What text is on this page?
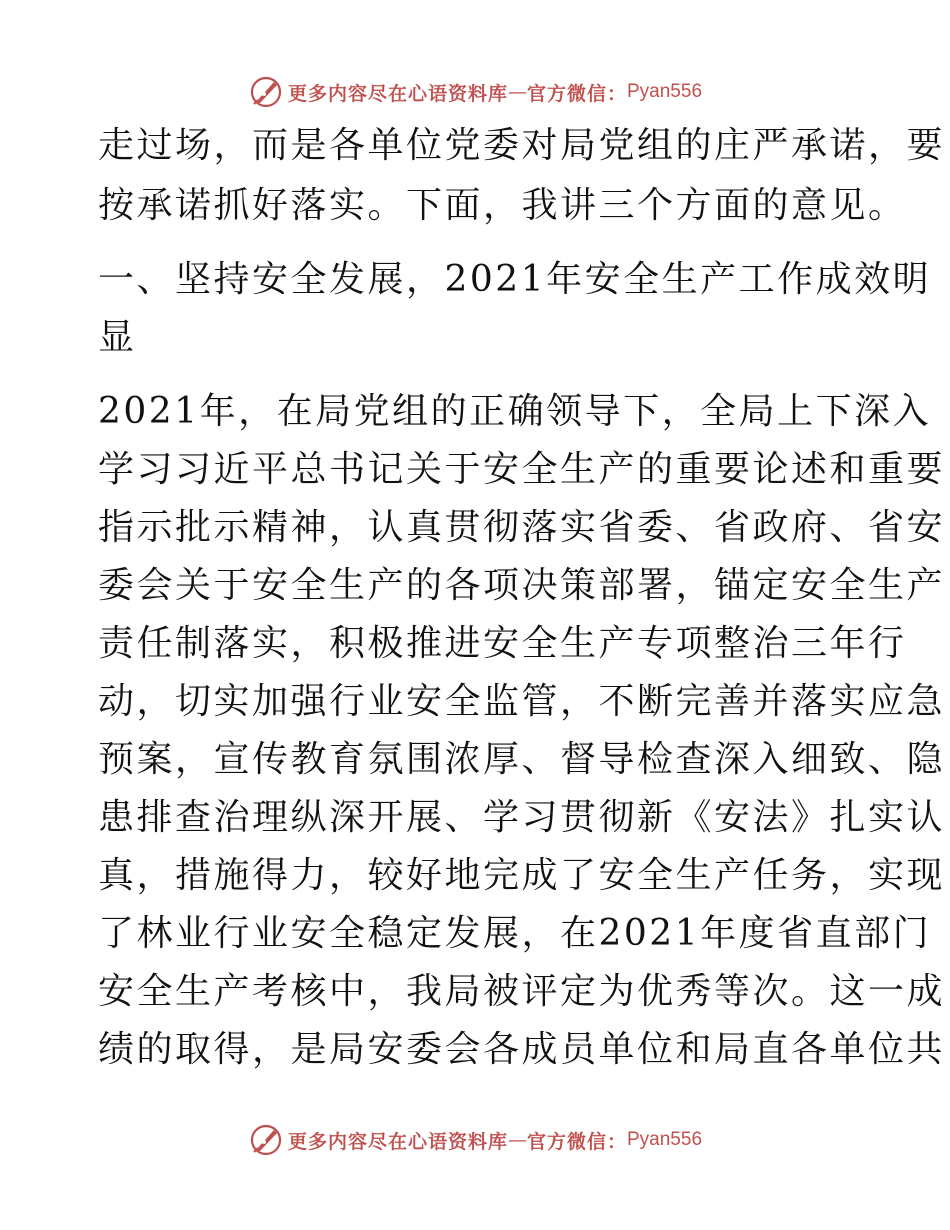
更多内容尽在心语资料库 — 官方微信： Pyan556
走过场，而是各单位党委对局党组的庄严承诺，要
按承诺抓好落实。下面，我讲三个方面的意见。
一、坚持安全发展，2021年安全生产工作成效明
显
2021年，在局党组的正确领导下，全局上下深入
学习习近平总书记关于安全生产的重要论述和重要
指示批示精神，认真贯彻落实省委、省政府、省安
委会关于安全生产的各项决策部署，锚定安全生产
责任制落实，积极推进安全生产专项整治三年行
动，切实加强行业安全监管，不断完善并落实应急
预案，宣传教育氛围浓厚、督导检查深入细致、隐
患排查治理纵深开展、学习贯彻新《安法》扎实认
真，措施得力，较好地完成了安全生产任务，实现
了林业行业安全稳定发展，在2021年度省直部门
安全生产考核中，我局被评定为优秀等次。这一成
绩的取得，是局安委会各成员单位和局直各单位共
更多内容尽在心语资料库 — 官方微信： Pyan556
